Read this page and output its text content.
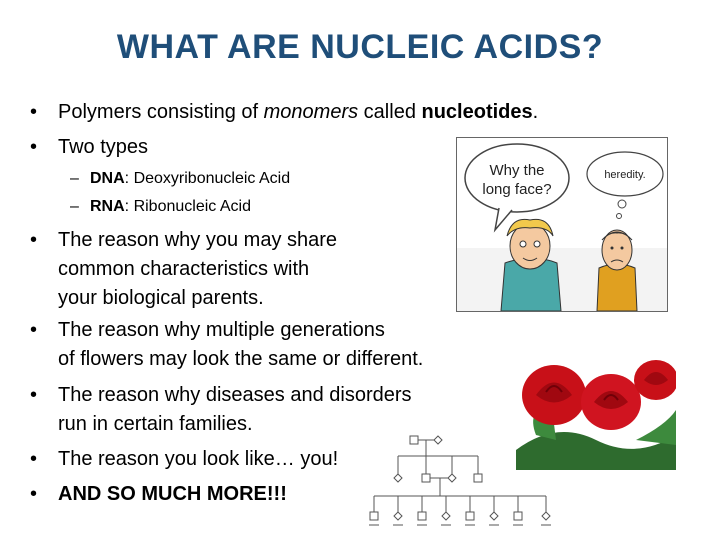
WHAT ARE NUCLEIC ACIDS?
• Polymers consisting of monomers called nucleotides.
• Two types
– DNA: Deoxyribonucleic Acid
– RNA: Ribonucleic Acid
• The reason why you may share
common characteristics with
your biological parents.
• The reason why multiple generations
of flowers may look the same or different.
• The reason why diseases and disorders
run in certain families.
• The reason you look like… you!
• AND SO MUCH MORE!!!
Why the
long face?
heredity.
